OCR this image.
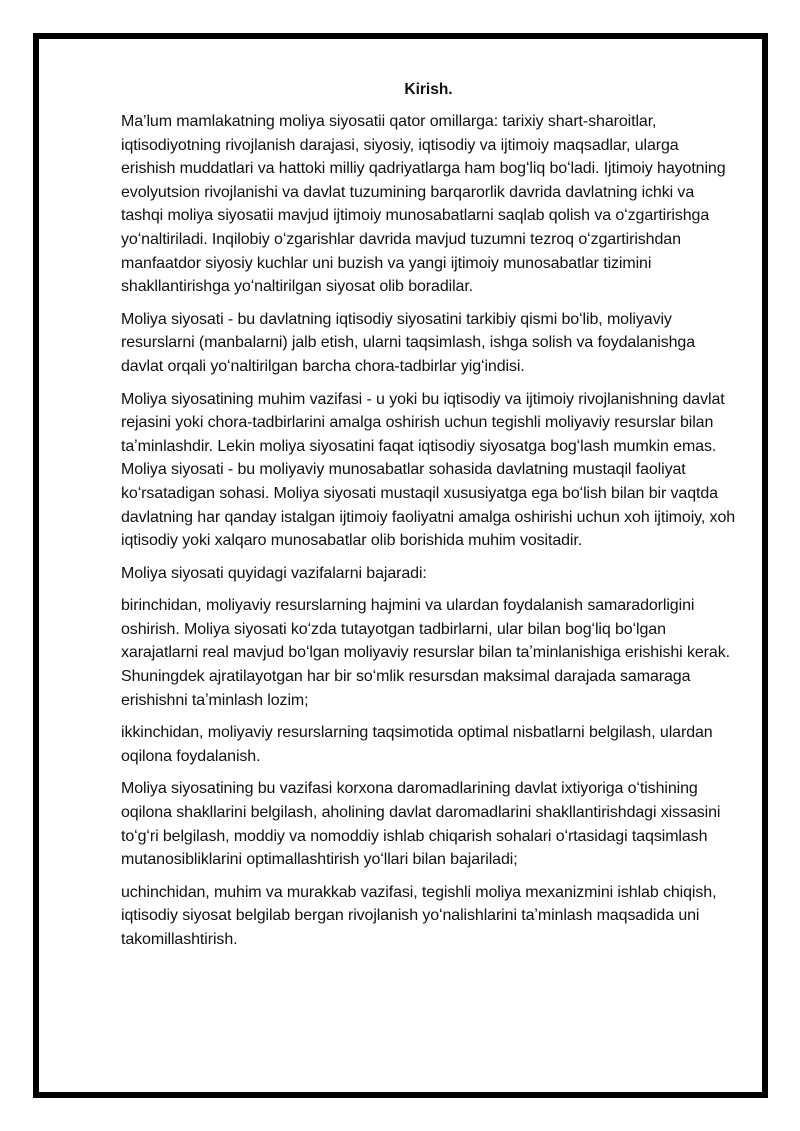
Kirish.

Ma’lum mamlakatning moliya siyosatii qator omillarga: tarixiy shart-sharoitlar, iqtisodiyotning rivojlanish darajasi, siyosiy, iqtisodiy va ijtimoiy maqsadlar, ularga erishish muddatlari va hattoki milliy qadriyatlarga ham bogʻliq boʻladi. Ijtimoiy hayotning evolyutsion rivojlanishi va davlat tuzumining barqarorlik davrida davlatning ichki va tashqi moliya siyosatii mavjud ijtimoiy munosabatlarni saqlab qolish va oʻzgartirishga yoʻnaltiriladi. Inqilobiy oʻzgarishlar davrida mavjud tuzumni tezroq oʻzgartirishdan manfaatdor siyosiy kuchlar uni buzish va yangi ijtimoiy munosabatlar tizimini shakllantirishga yoʻnaltirilgan siyosat olib boradilar.

Moliya siyosati - bu davlatning iqtisodiy siyosatini tarkibiy qismi boʻlib, moliyaviy resurslarni (manbalarni) jalb etish, ularni taqsimlash, ishga solish va foydalanishga davlat orqali yoʻnaltirilgan barcha chora-tadbirlar yigʻindisi.

Moliya siyosatining muhim vazifasi - u yoki bu iqtisodiy va ijtimoiy rivojlanishning davlat rejasini yoki chora-tadbirlarini amalga oshirish uchun tegishli moliyaviy resurslar bilan taʼminlashdir. Lekin moliya siyosatini faqat iqtisodiy siyosatga bogʻlash mumkin emas. Moliya siyosati - bu moliyaviy munosabatlar sohasida davlatning mustaqil faoliyat koʻrsatadigan sohasi. Moliya siyosati mustaqil xususiyatga ega boʻlish bilan bir vaqtda davlatning har qanday istalgan ijtimoiy faoliyatni amalga oshirishi uchun xoh ijtimoiy, xoh iqtisodiy yoki xalqaro munosabatlar olib borishida muhim vositadir.

Moliya siyosati quyidagi vazifalarni bajaradi:

birinchidan, moliyaviy resurslarning hajmini va ulardan foydalanish samaradorligini oshirish. Moliya siyosati koʻzda tutayotgan tadbirlarni, ular bilan bogʻliq boʻlgan xarajatlarni real mavjud boʻlgan moliyaviy resurslar bilan taʼminlanishiga erishishi kerak. Shuningdek ajratilayotgan har bir soʻmlik resursdan maksimal darajada samaraga erishishni taʼminlash lozim;

ikkinchidan, moliyaviy resurslarning taqsimotida optimal nisbatlarni belgilash, ulardan oqilona foydalanish.

Moliya siyosatining bu vazifasi korxona daromadlarining davlat ixtiyoriga oʻtishining oqilona shakllarini belgilash, aholining davlat daromadlarini shakllantirishdagi xissasini toʻgʻri belgilash, moddiy va nomoddiy ishlab chiqarish sohalari oʻrtasidagi taqsimlash mutanosibliklarini optimallashtirish yoʻllari bilan bajariladi;

uchinchidan, muhim va murakkab vazifasi, tegishli moliya mexanizmini ishlab chiqish, iqtisodiy siyosat belgilab bergan rivojlanish yoʻnalishlarini taʼminlash maqsadida uni takomillashtirish.
